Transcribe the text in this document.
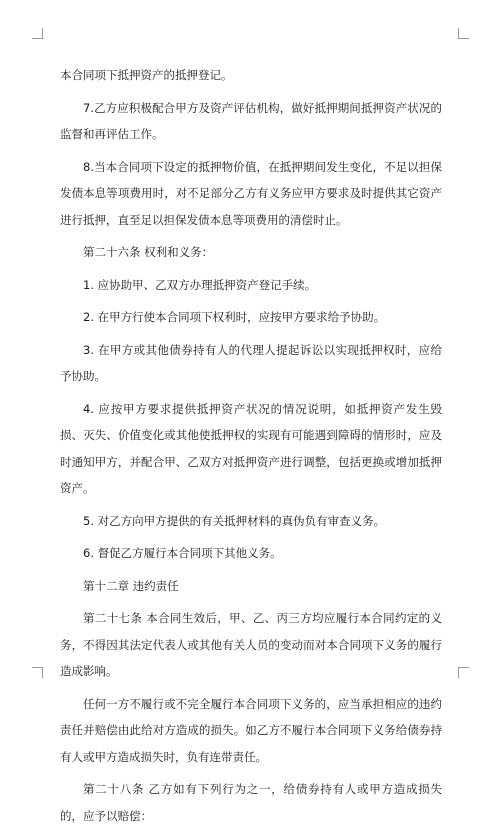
本合同项下抵押资产的抵押登记。

7.乙方应积极配合甲方及资产评估机构，做好抵押期间抵押资产状况的监督和再评估工作。

8.当本合同项下设定的抵押物价值，在抵押期间发生变化，不足以担保发债本息等项费用时，对不足部分乙方有义务应甲方要求及时提供其它资产进行抵押，直至足以担保发债本息等项费用的清偿时止。

第二十六条 权利和义务：

1. 应协助甲、乙双方办理抵押资产登记手续。

2. 在甲方行使本合同项下权利时，应按甲方要求给予协助。

3. 在甲方或其他债券持有人的代理人提起诉讼以实现抵押权时，应给予协助。

4. 应按甲方要求提供抵押资产状况的情况说明，如抵押资产发生毁损、灭失、价值变化或其他使抵押权的实现有可能遇到障碍的情形时，应及时通知甲方，并配合甲、乙双方对抵押资产进行调整，包括更换或增加抵押资产。

5. 对乙方向甲方提供的有关抵押材料的真伪负有审查义务。

6. 督促乙方履行本合同项下其他义务。

第十二章 违约责任

第二十七条 本合同生效后，甲、乙、丙三方均应履行本合同约定的义务，不得因其法定代表人或其他有关人员的变动而对本合同项下义务的履行造成影响。

任何一方不履行或不完全履行本合同项下义务的，应当承担相应的违约责任并赔偿由此给对方造成的损失。如乙方不履行本合同项下义务给债券持有人或甲方造成损失时，负有连带责任。

第二十八条 乙方如有下列行为之一，给债券持有人或甲方造成损失的，应予以赔偿：
